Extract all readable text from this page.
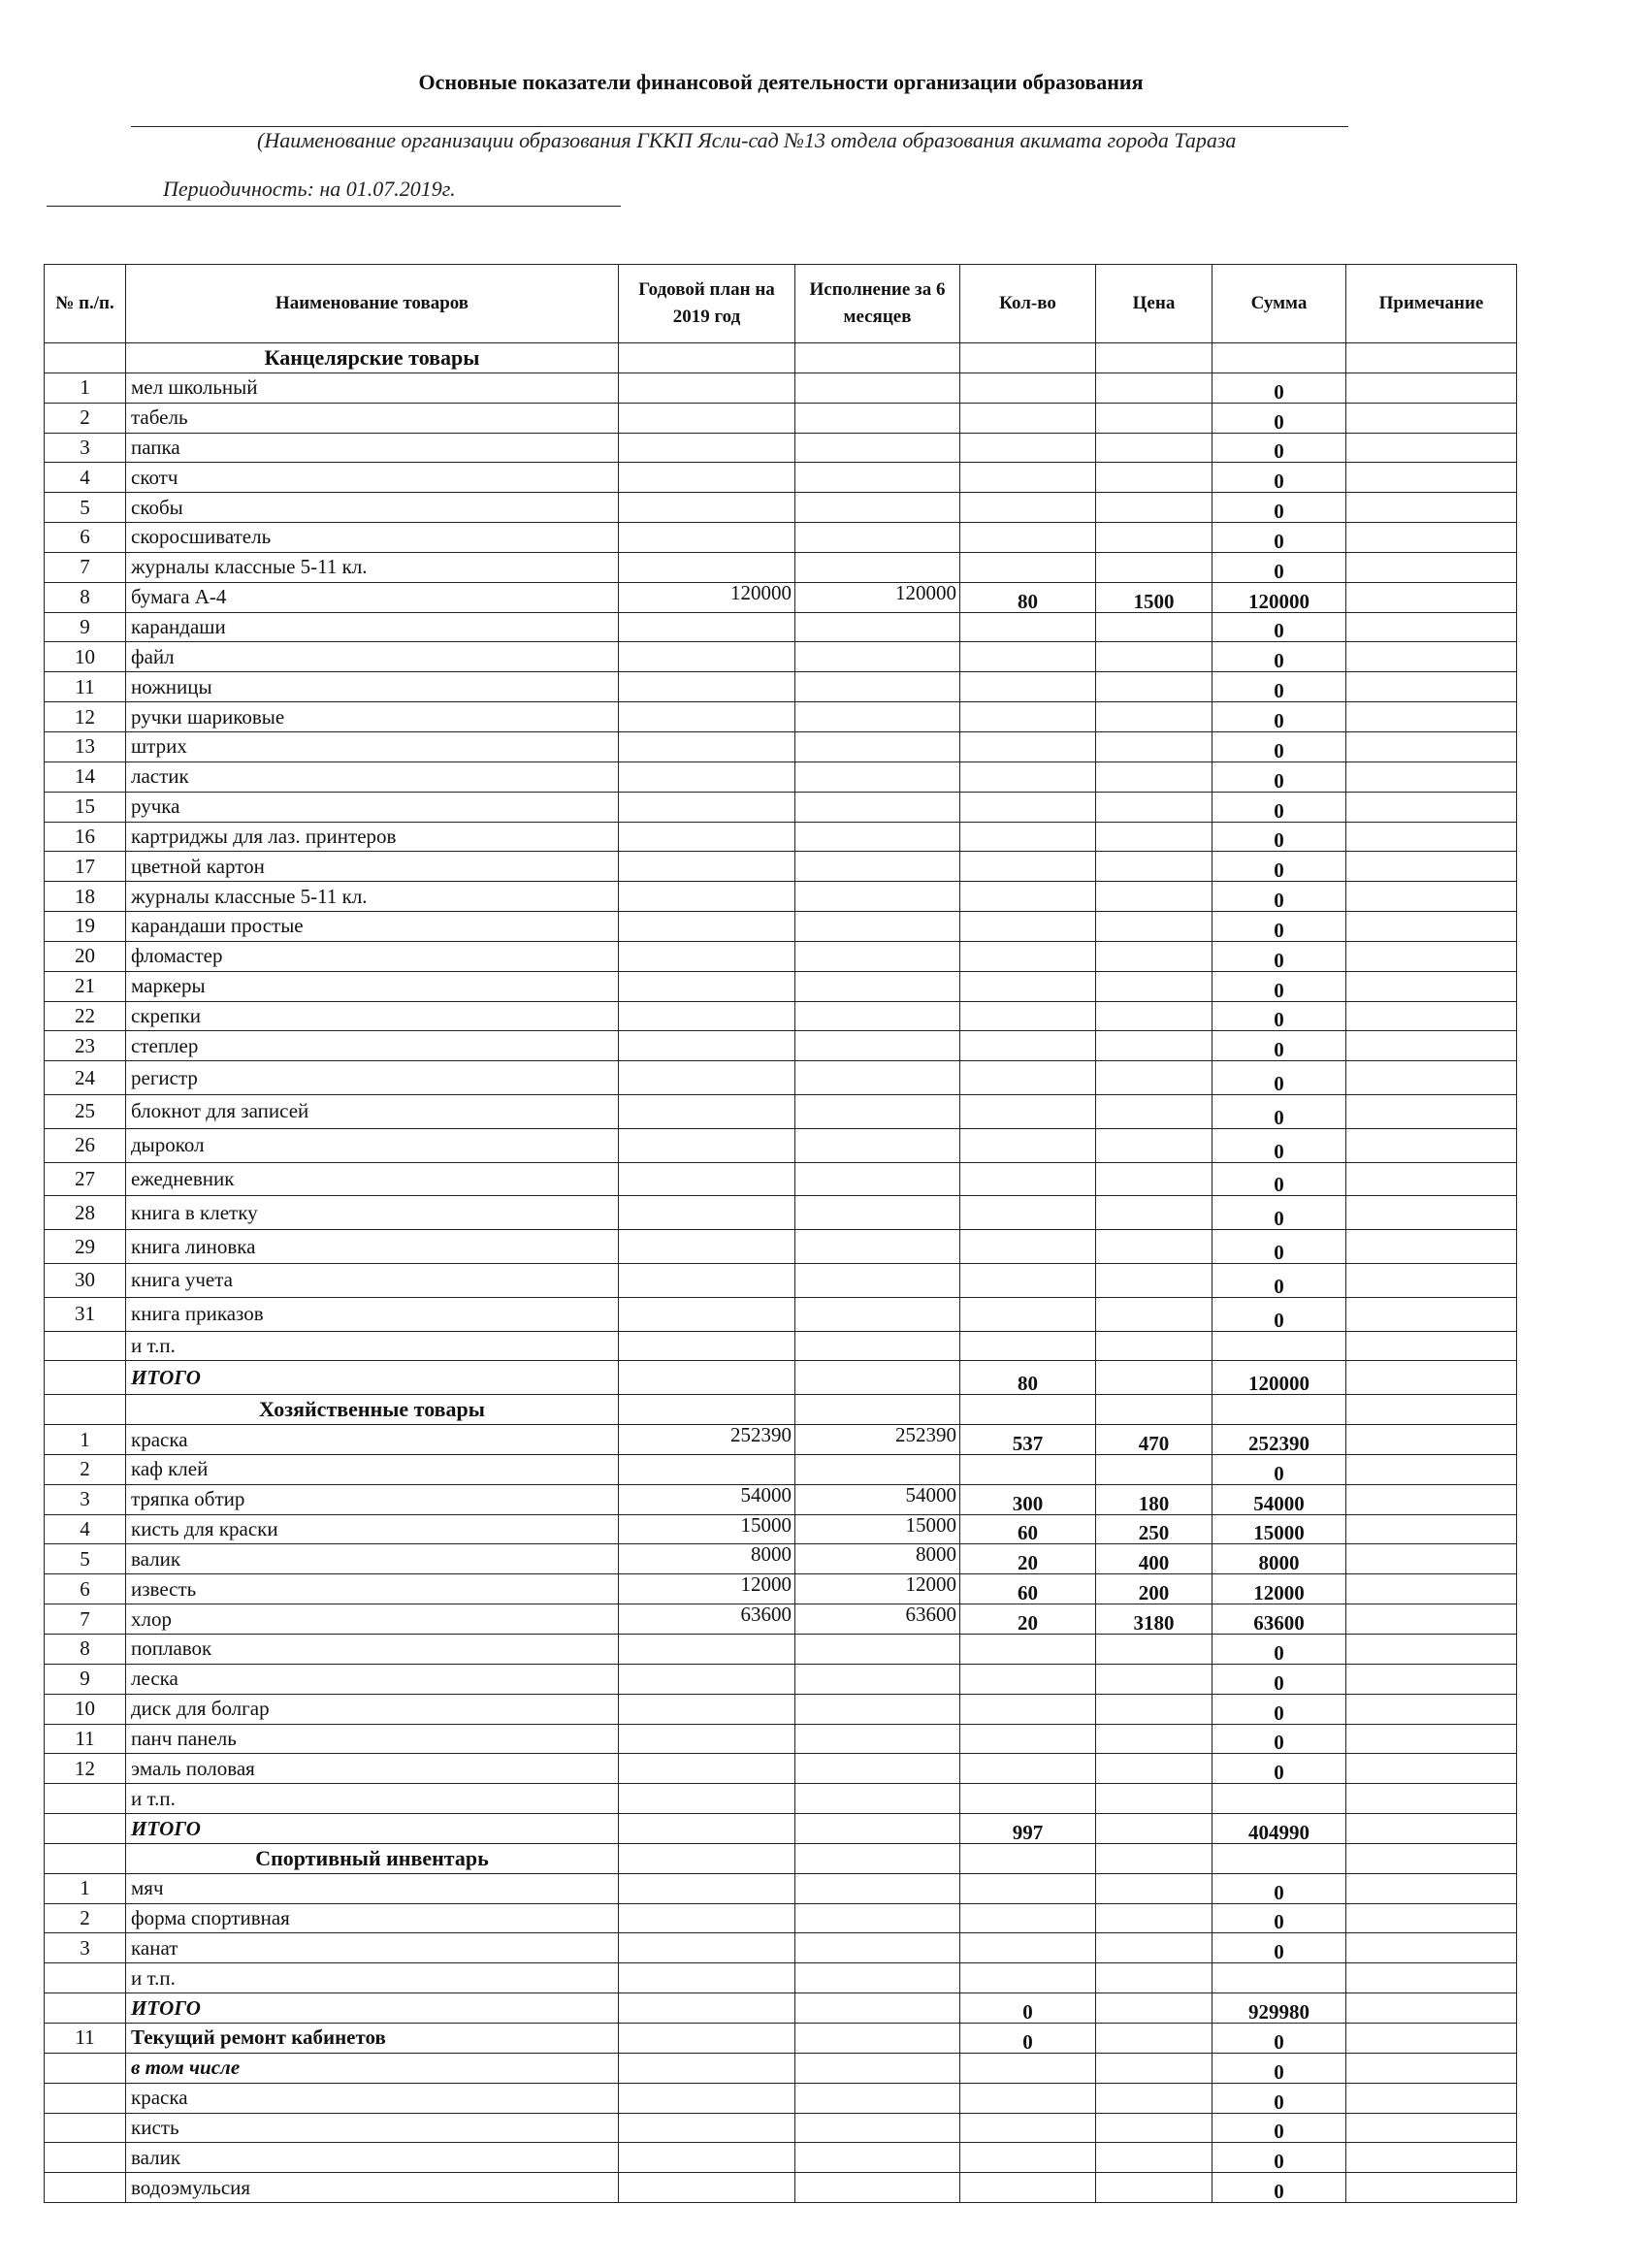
Основные показатели финансовой деятельности организации образования
(Наименование организации образования ГККП Ясли-сад №13 отдела образования акимата города Тараза
Периодичность: на 01.07.2019г.
№ п./п.	Наименование товаров	Годовой план на 2019 год	Исполнение за 6 месяцев	Кол-во	Цена	Сумма	Примечание
	Канцелярские товары						
1	мел школьный					0	
2	табель					0	
3	папка					0	
4	скотч					0	
5	скобы					0	
6	скоросшиватель					0	
7	журналы классные 5-11 кл.					0	
8	бумага А-4	120000	120000	80	1500	120000	
9	карандаши					0	
10	файл					0	
11	ножницы					0	
12	ручки шариковые					0	
13	штрих					0	
14	ластик					0	
15	ручка					0	
16	картриджы для лаз. принтеров					0	
17	цветной картон					0	
18	журналы классные 5-11 кл.					0	
19	карандаши простые					0	
20	фломастер					0	
21	маркеры					0	
22	скрепки					0	
23	степлер					0	
24	регистр					0	
25	блокнот для записей					0	
26	дырокол					0	
27	ежедневник					0	
28	книга в клетку					0	
29	книга линовка					0	
30	книга учета					0	
31	книга приказов					0	
	и т.п.						
	ИТОГО			80		120000	
	Хозяйственные товары						
1	краска	252390	252390	537	470	252390	
2	каф клей					0	
3	тряпка обтир	54000	54000	300	180	54000	
4	кисть для краски	15000	15000	60	250	15000	
5	валик	8000	8000	20	400	8000	
6	известь	12000	12000	60	200	12000	
7	хлор	63600	63600	20	3180	63600	
8	поплавок					0	
9	леска					0	
10	диск для болгар					0	
11	панч панель					0	
12	эмаль половая					0	
	и т.п.						
	ИТОГО			997		404990	
	Спортивный инвентарь						
1	мяч					0	
2	форма спортивная					0	
3	канат					0	
	и т.п.						
	ИТОГО			0		929980	
11	Текущий ремонт кабинетов			0		0	
	в том числе					0	
	краска					0	
	кисть					0	
	валик					0	
	водоэмульсия					0	
